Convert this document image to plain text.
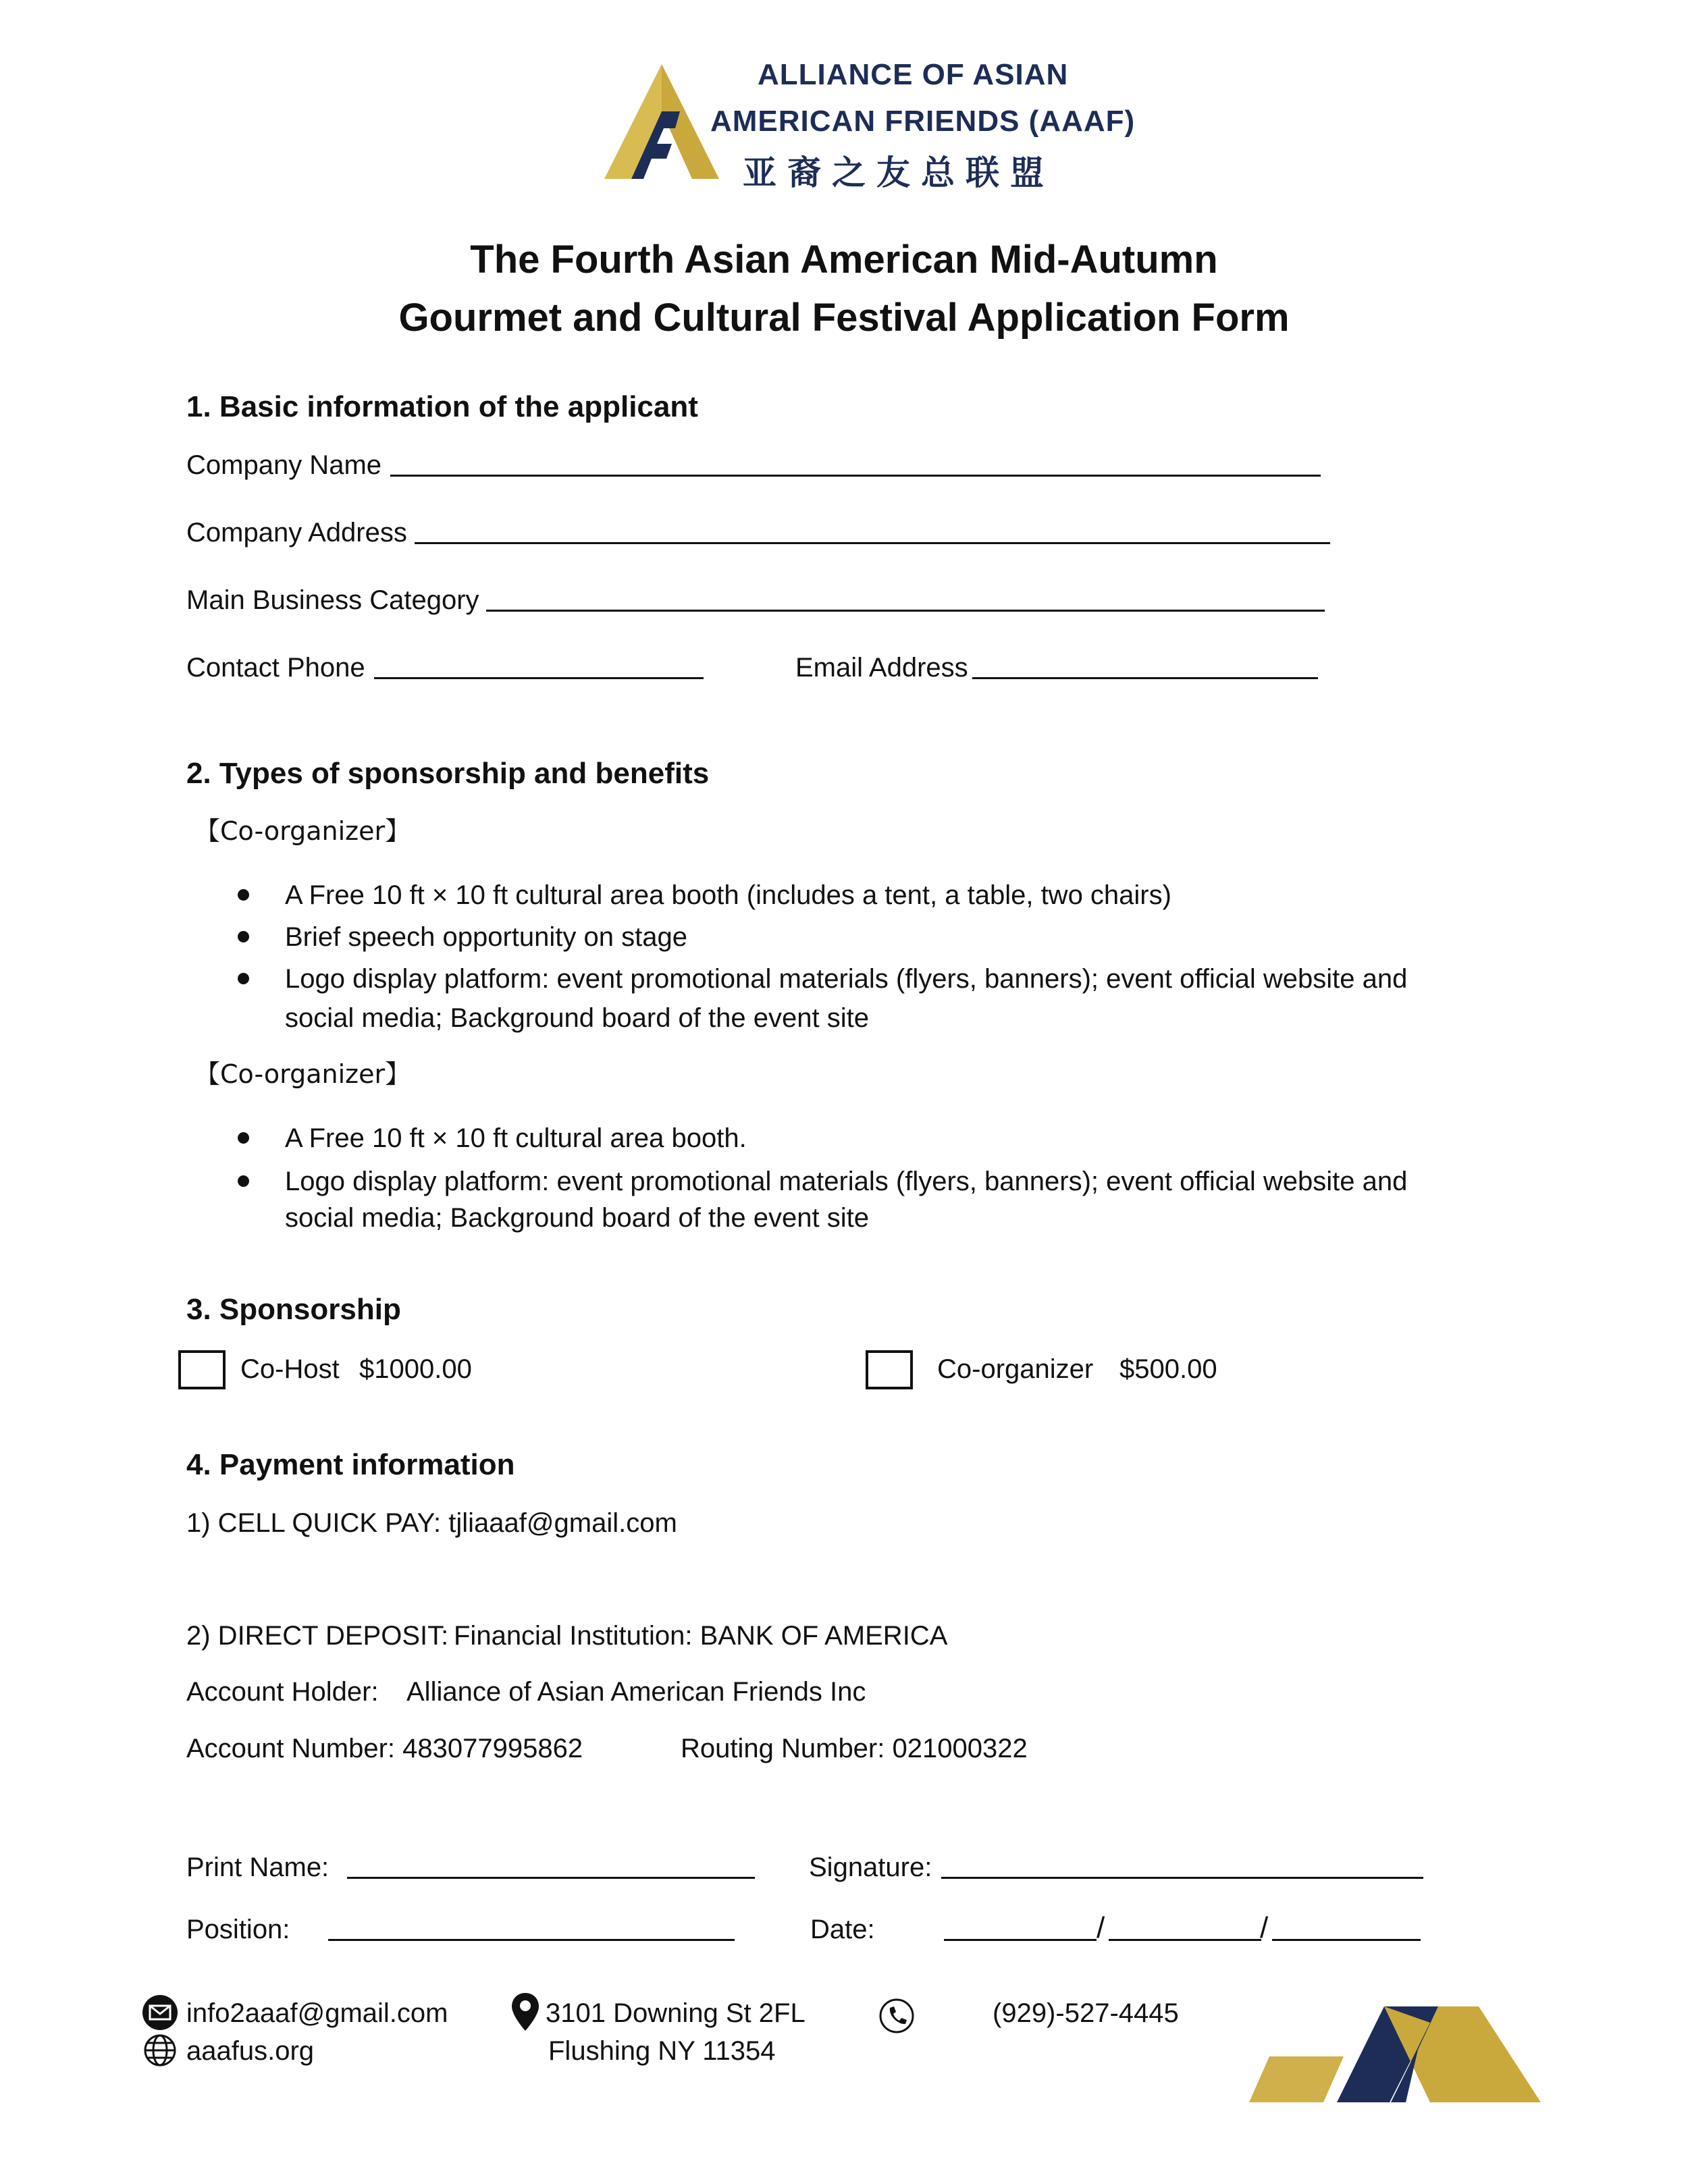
ALLIANCE OF ASIAN
AMERICAN FRIENDS (AAAF)
亚裔之友总联盟
The Fourth Asian American Mid-Autumn
Gourmet and Cultural Festival Application Form
1. Basic information of the applicant
Company Name
Company Address
Main Business Category
Contact Phone	Email Address
2. Types of sponsorship and benefits
【Co-organizer】
A Free 10 ft × 10 ft cultural area booth (includes a tent, a table, two chairs)
Brief speech opportunity on stage
Logo display platform: event promotional materials (flyers, banners); event official website and
social media; Background board of the event site
【Co-organizer】
A Free 10 ft × 10 ft cultural area booth.
Logo display platform: event promotional materials (flyers, banners); event official website and
social media; Background board of the event site
3. Sponsorship
Co-Host $1000.00	Co-organizer $500.00
4. Payment information
1) CELL QUICK PAY: tjliaaaf@gmail.com
2) DIRECT DEPOSIT: Financial Institution: BANK OF AMERICA
Account Holder: Alliance of Asian American Friends Inc
Account Number: 483077995862	Routing Number: 021000322
Print Name:	Signature:
Position:	Date:	/	/
info2aaaf@gmail.com
aaafus.org
3101 Downing St 2FL
Flushing NY 11354
(929)-527-4445
